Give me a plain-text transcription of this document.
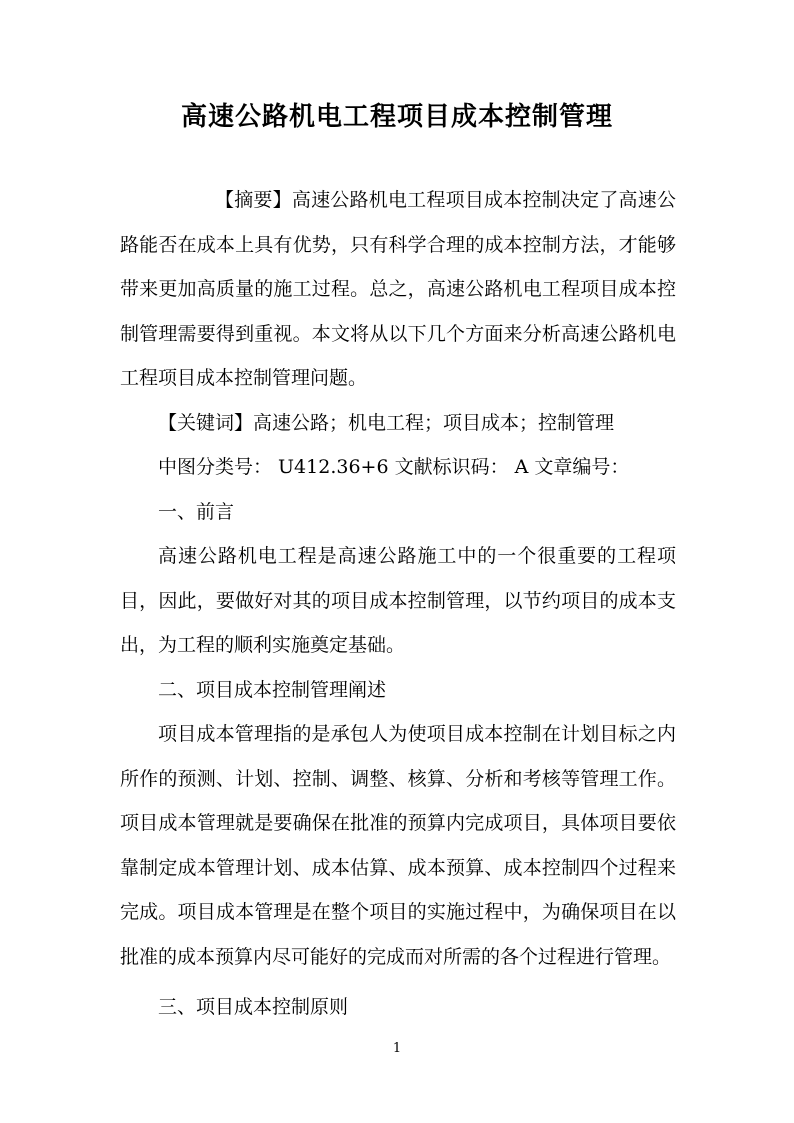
高速公路机电工程项目成本控制管理

【摘要】高速公路机电工程项目成本控制决定了高速公路能否在成本上具有优势，只有科学合理的成本控制方法，才能够带来更加高质量的施工过程。总之，高速公路机电工程项目成本控制管理需要得到重视。本文将从以下几个方面来分析高速公路机电工程项目成本控制管理问题。

【关键词】高速公路；机电工程；项目成本；控制管理

中图分类号： U412.36+6 文献标识码： A 文章编号：

一、前言

高速公路机电工程是高速公路施工中的一个很重要的工程项目，因此，要做好对其的项目成本控制管理，以节约项目的成本支出，为工程的顺利实施奠定基础。

二、项目成本控制管理阐述

项目成本管理指的是承包人为使项目成本控制在计划目标之内所作的预测、计划、控制、调整、核算、分析和考核等管理工作。项目成本管理就是要确保在批准的预算内完成项目，具体项目要依靠制定成本管理计划、成本估算、成本预算、成本控制四个过程来完成。项目成本管理是在整个项目的实施过程中，为确保项目在以批准的成本预算内尽可能好的完成而对所需的各个过程进行管理。

三、项目成本控制原则

1
